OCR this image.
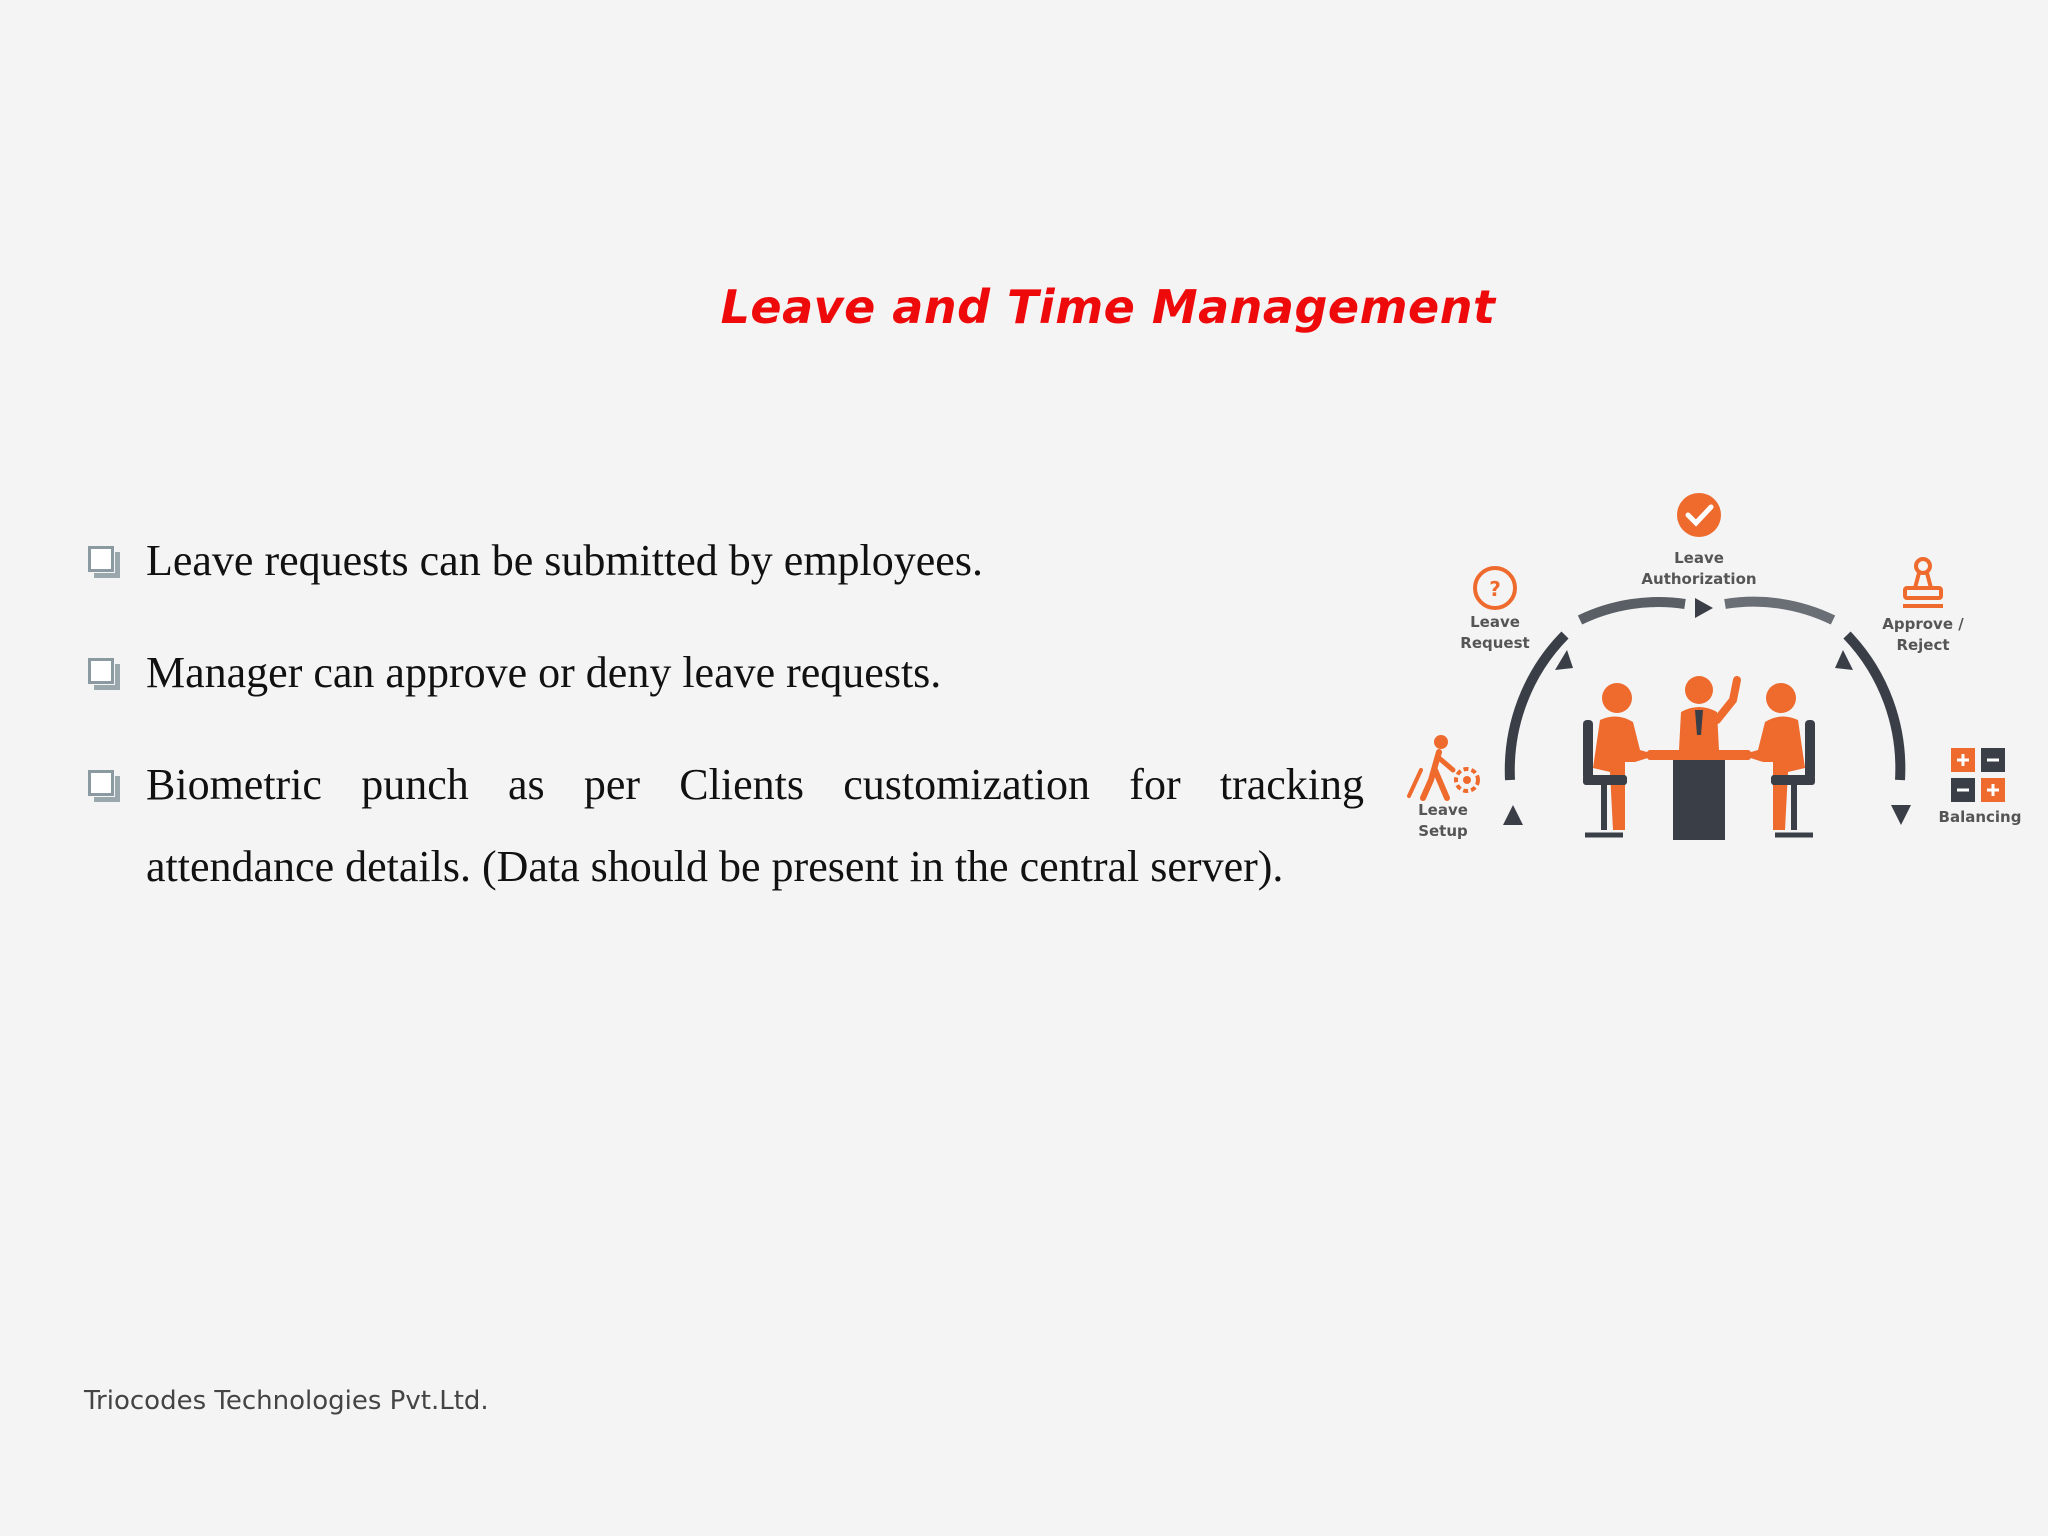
Leave and Time Management
Leave requests can be submitted by employees.
Manager can approve or deny leave requests.
Biometric punch as per Clients customization for tracking attendance details. (Data should be present in the central server).
Leave
Authorization
?
Leave
Request
Approve /
Reject
Leave
Setup
Balancing
Triocodes Technologies Pvt.Ltd.
